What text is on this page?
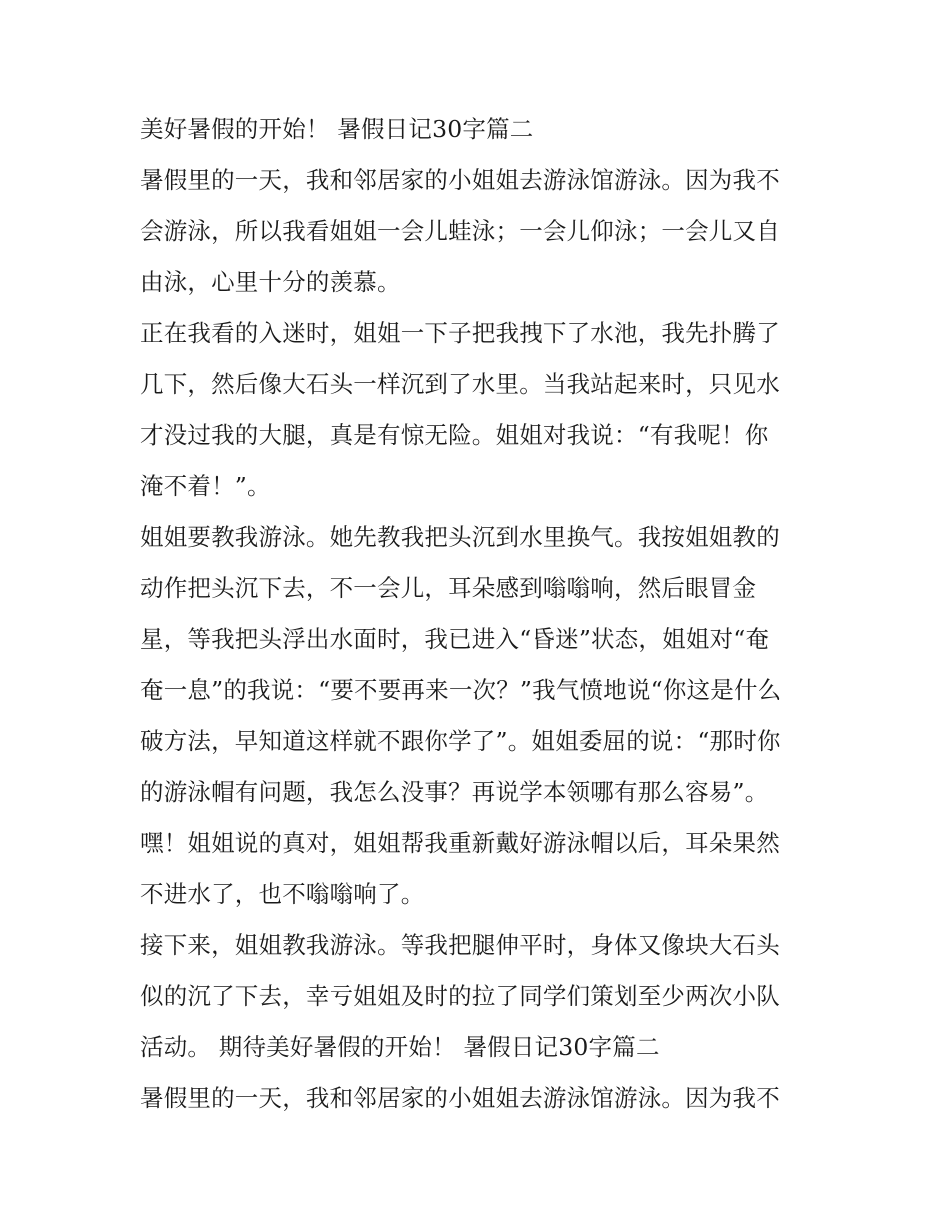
美好暑假的开始！ 暑假日记30字篇二
暑假里的一天，我和邻居家的小姐姐去游泳馆游泳。因为我不
会游泳，所以我看姐姐一会儿蛙泳；一会儿仰泳；一会儿又自
由泳，心里十分的羡慕。
正在我看的入迷时，姐姐一下子把我拽下了水池，我先扑腾了
几下，然后像大石头一样沉到了水里。当我站起来时，只见水
才没过我的大腿，真是有惊无险。姐姐对我说：“有我呢！你
淹不着！”。
姐姐要教我游泳。她先教我把头沉到水里换气。我按姐姐教的
动作把头沉下去，不一会儿，耳朵感到嗡嗡响，然后眼冒金
星，等我把头浮出水面时，我已进入“昏迷”状态，姐姐对“奄
奄一息”的我说：“要不要再来一次？”我气愤地说“你这是什么
破方法，早知道这样就不跟你学了”。姐姐委屈的说：“那时你
的游泳帽有问题，我怎么没事？再说学本领哪有那么容易”。
嘿！姐姐说的真对，姐姐帮我重新戴好游泳帽以后，耳朵果然
不进水了，也不嗡嗡响了。
接下来，姐姐教我游泳。等我把腿伸平时，身体又像块大石头
似的沉了下去，幸亏姐姐及时的拉了同学们策划至少两次小队
活动。 期待美好暑假的开始！ 暑假日记30字篇二
暑假里的一天，我和邻居家的小姐姐去游泳馆游泳。因为我不
